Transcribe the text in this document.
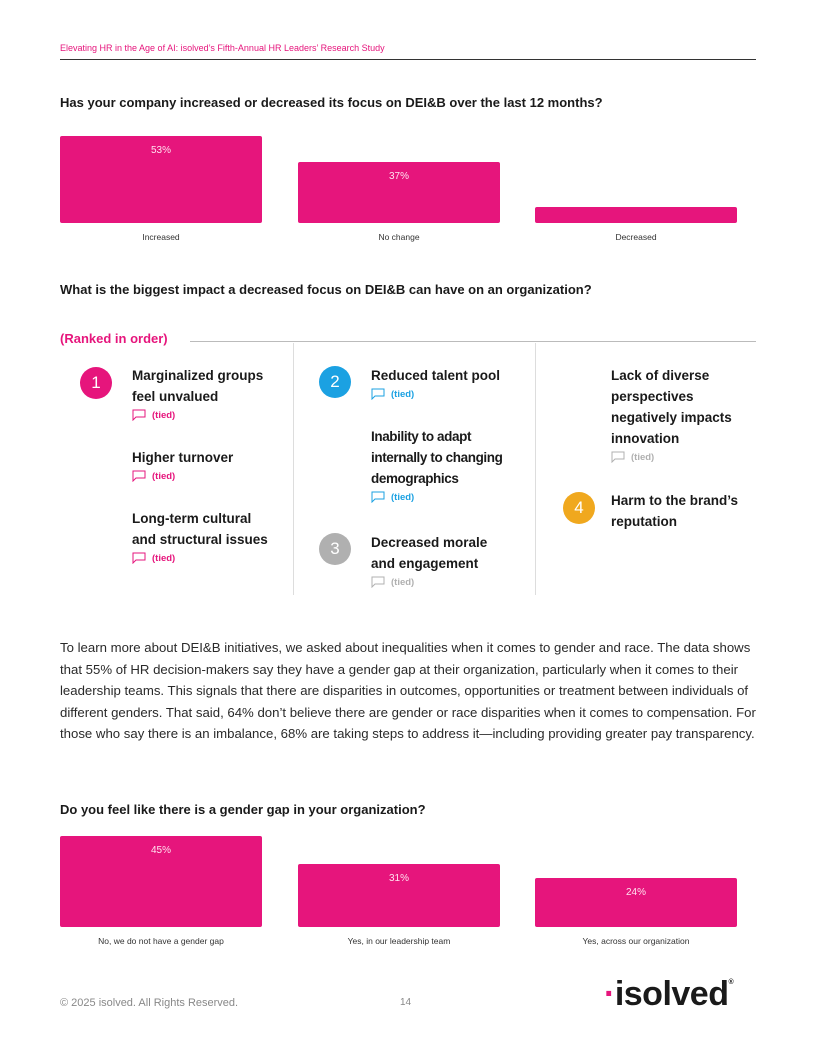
Elevating HR in the Age of AI: isolved’s Fifth-Annual HR Leaders’ Research Study
Has your company increased or decreased its focus on DEI&B over the last 12 months?
53%
Increased
37%
No change	Decreased
What is the biggest impact a decreased focus on DEI&B can have on an organization?
(Ranked in order)
1	Marginalized groups feel unvalued
(tied)
Higher turnover
(tied)
Long-term cultural and structural issues
(tied)
2	Reduced talent pool
(tied)
Inability to adapt internally to changing demographics
(tied)
3	Decreased morale and engagement
(tied)
Lack of diverse perspectives negatively impacts innovation
(tied)
4	Harm to the brand’s reputation
To learn more about DEI&B initiatives, we asked about inequalities when it comes to gender and race. The data shows that 55% of HR decision-makers say they have a gender gap at their organization, particularly when it comes to their leadership teams. This signals that there are disparities in outcomes, opportunities or treatment between individuals of different genders. That said, 64% don’t believe there are gender or race disparities when it comes to compensation. For those who say there is an imbalance, 68% are taking steps to address it—including providing greater pay transparency.
Do you feel like there is a gender gap in your organization?
45%
No, we do not have a gender gap
31%
Yes, in our leadership team
24%
Yes, across our organization
© 2025 isolved. All Rights Reserved.	14	·isolved®
